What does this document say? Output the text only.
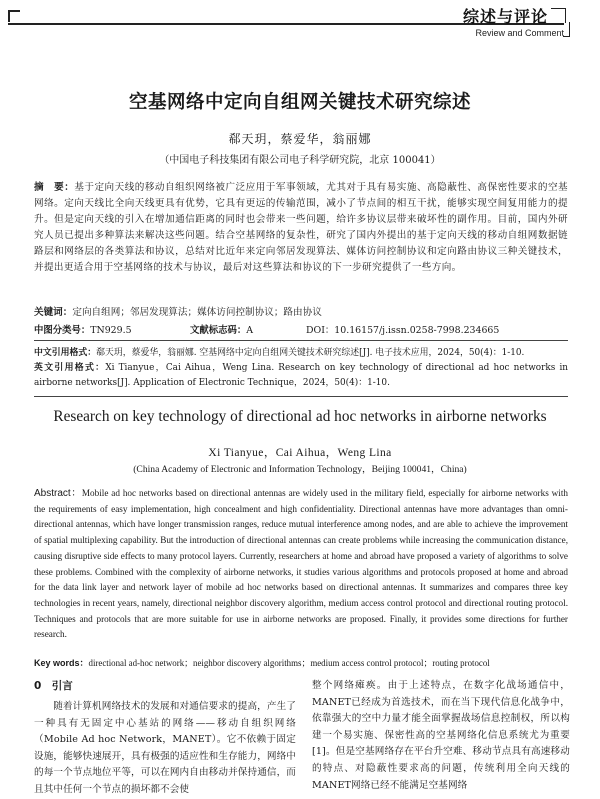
综述与评论
Review and Comment
空基网络中定向自组网关键技术研究综述
郗天玥，蔡爱华，翁丽娜
（中国电子科技集团有限公司电子科学研究院，北京 100041）
摘　要：基于定向天线的移动自组织网络被广泛应用于军事领域，尤其对于具有易实施、高隐蔽性、高保密性要求的空基网络。定向天线比全向天线更具有优势，它具有更远的传输范围，减小了节点间的相互干扰，能够实现空间复用能力的提升。但是定向天线的引入在增加通信距离的同时也会带来一些问题，给许多协议层带来破坏性的副作用。目前，国内外研究人员已提出多种算法来解决这些问题。结合空基网络的复杂性，研究了国内外提出的基于定向天线的移动自组网数据链路层和网络层的各类算法和协议，总结对比近年来定向邻居发现算法、媒体访问控制协议和定向路由协议三种关键技术，并提出更适合用于空基网络的技术与协议，最后对这些算法和协议的下一步研究提供了一些方向。
关键词：定向自组网；邻居发现算法；媒体访问控制协议；路由协议
中图分类号：TN929.5	文献标志码：A	DOI：10.16157/j.issn.0258-7998.234665
中文引用格式：郗天玥，蔡爱华，翁丽娜. 空基网络中定向自组网关键技术研究综述[J]. 电子技术应用，2024，50(4)：1-10.
英文引用格式：Xi Tianyue，Cai Aihua，Weng Lina. Research on key technology of directional ad hoc networks in airborne networks[J]. Application of Electronic Technique，2024，50(4)：1-10.
Research on key technology of directional ad hoc networks in airborne networks
Xi Tianyue，Cai Aihua，Weng Lina
(China Academy of Electronic and Information Technology，Beijing 100041，China)
Abstract：Mobile ad hoc networks based on directional antennas are widely used in the military field, especially for airborne networks with the requirements of easy implementation, high concealment and high confidentiality. Directional antennas have more advantages than omni-directional antennas, which have longer transmission ranges, reduce mutual interference among nodes, and are able to achieve the improvement of spatial multiplexing capability. But the introduction of directional antennas can create problems while increasing the communication distance, causing disruptive side effects to many protocol layers. Currently, researchers at home and abroad have proposed a variety of algorithms to solve these problems. Combined with the complexity of airborne networks, it studies various algorithms and protocols proposed at home and abroad for the data link layer and network layer of mobile ad hoc networks based on directional antennas. It summarizes and compares three key technologies in recent years, namely, directional neighbor discovery algorithm, medium access control protocol and directional routing protocol. Techniques and protocols that are more suitable for use in airborne networks are proposed. Finally, it provides some directions for further research.
Key words：directional ad-hoc network；neighbor discovery algorithms；medium access control protocol；routing protocol
0　引言

随着计算机网络技术的发展和对通信要求的提高，产生了一种具有无固定中心基站的网络——移动自组织网络（Mobile Ad hoc Network，MANET）。它不依赖于固定设施，能够快速展开，具有极强的适应性和生存能力，网络中的每一个节点地位平等，可以在网内自由移动并保持通信，而且其中任何一个节点的损坏都不会使

整个网络瘫痪。由于上述特点，在数字化战场通信中，MANET已经成为首选技术，而在当下现代信息化战争中，依靠强大的空中力量才能全面掌握战场信息控制权，所以构建一个易实施、保密性高的空基网络化信息系统尤为重要[1]。但是空基网络存在平台升空难、移动节点具有高速移动的特点、对隐蔽性要求高的问题，传统利用全向天线的MANET网络已经不能满足空基网络
